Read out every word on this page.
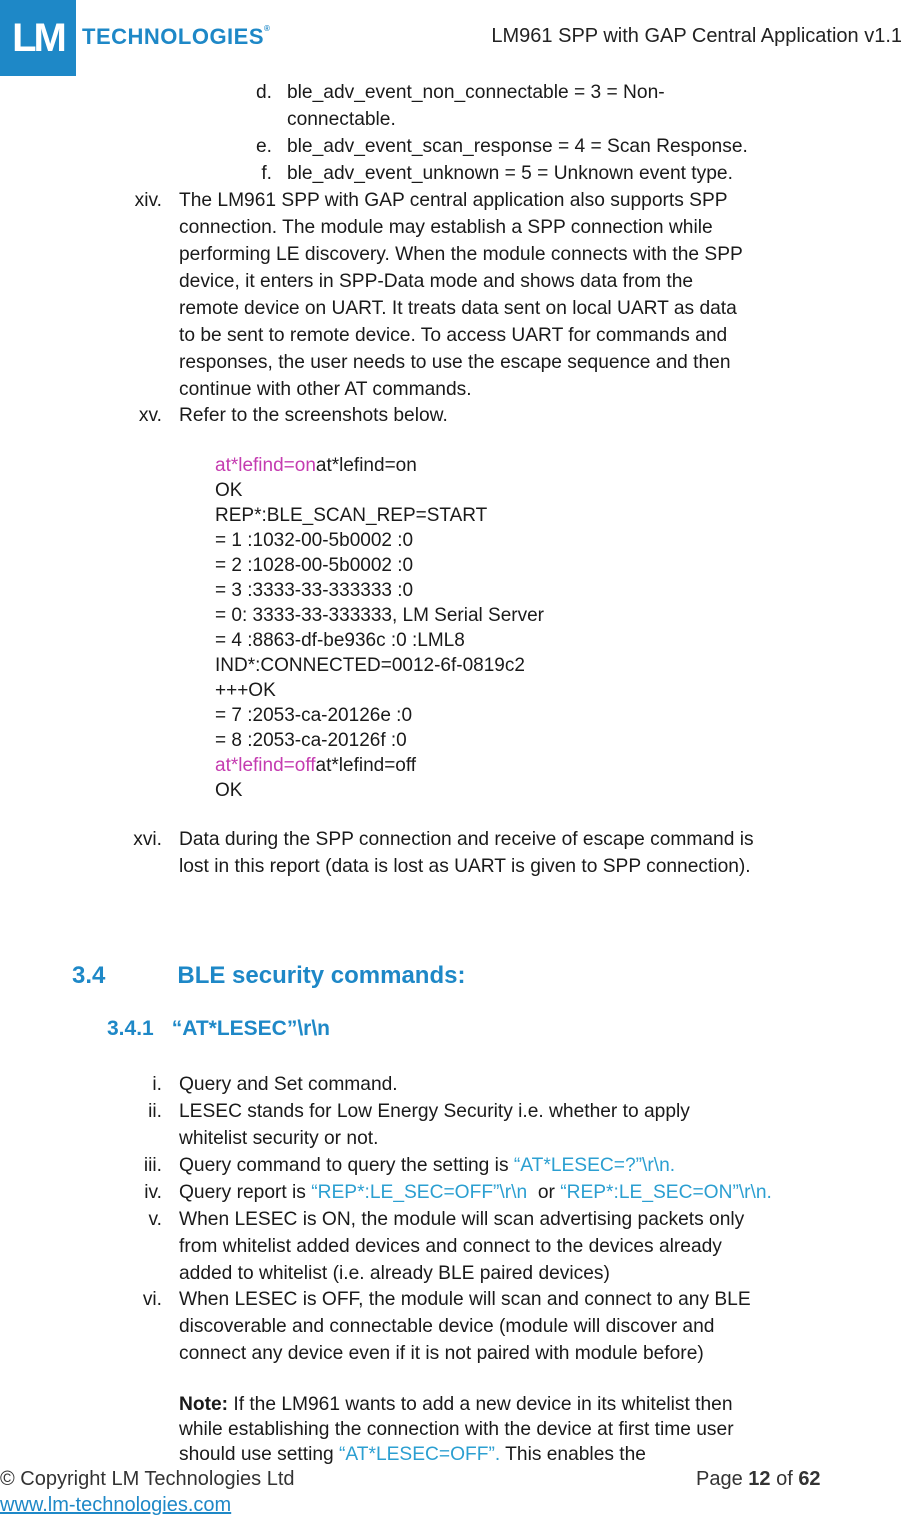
LM TECHNOLOGIES®	LM961 SPP with GAP Central Application v1.1
d. ble_adv_event_non_connectable = 3 = Non-
connectable.
e. ble_adv_event_scan_response = 4 = Scan Response.
f. ble_adv_event_unknown = 5 = Unknown event type.
xiv. The LM961 SPP with GAP central application also supports SPP
connection. The module may establish a SPP connection while
performing LE discovery. When the module connects with the SPP
device, it enters in SPP-Data mode and shows data from the
remote device on UART. It treats data sent on local UART as data
to be sent to remote device. To access UART for commands and
responses, the user needs to use the escape sequence and then
continue with other AT commands.
xv. Refer to the screenshots below.
at*lefind=onat*lefind=on
OK
REP*:BLE_SCAN_REP=START
= 1 :1032-00-5b0002 :0
= 2 :1028-00-5b0002 :0
= 3 :3333-33-333333 :0
= 0: 3333-33-333333, LM Serial Server
= 4 :8863-df-be936c :0 :LML8
IND*:CONNECTED=0012-6f-0819c2
+++OK
= 7 :2053-ca-20126e :0
= 8 :2053-ca-20126f :0
at*lefind=offat*lefind=off
OK
xvi. Data during the SPP connection and receive of escape command is
lost in this report (data is lost as UART is given to SPP connection).
3.4	BLE security commands:
3.4.1 “AT*LESEC”\r\n
i. Query and Set command.
ii. LESEC stands for Low Energy Security i.e. whether to apply
whitelist security or not.
iii. Query command to query the setting is “AT*LESEC=?”\r\n.
iv. Query report is “REP*:LE_SEC=OFF”\r\n  or “REP*:LE_SEC=ON”\r\n.
v. When LESEC is ON, the module will scan advertising packets only
from whitelist added devices and connect to the devices already
added to whitelist (i.e. already BLE paired devices)
vi. When LESEC is OFF, the module will scan and connect to any BLE
discoverable and connectable device (module will discover and
connect any device even if it is not paired with module before)
Note: If the LM961 wants to add a new device in its whitelist then
while establishing the connection with the device at first time user
should use setting “AT*LESEC=OFF”. This enables the
© Copyright LM Technologies Ltd
www.lm-technologies.com
Page 12 of 62
